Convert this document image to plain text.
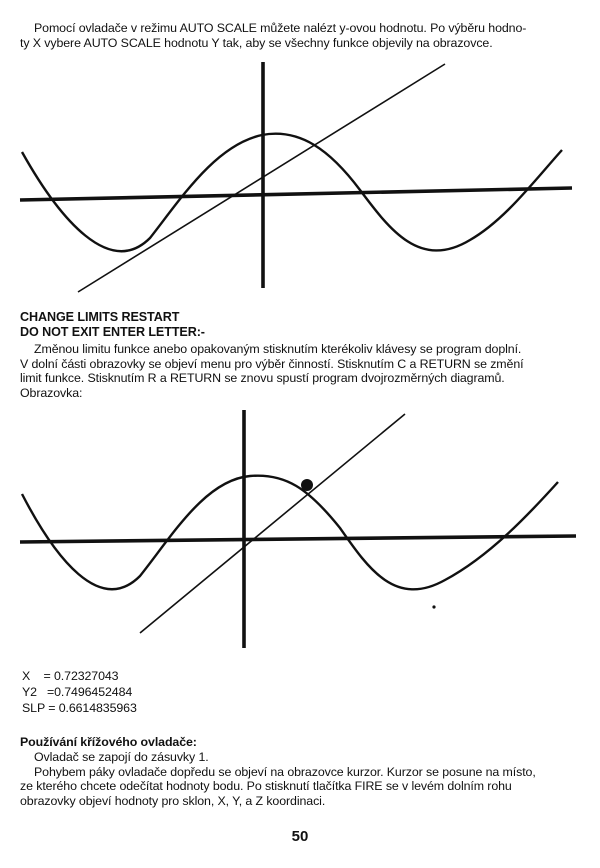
Pomocí ovladače v režimu AUTO SCALE můžete nalézt y-ovou hodnotu. Po výběru hodno-
ty X vybere AUTO SCALE hodnotu Y tak, aby se všechny funkce objevily na obrazovce.
CHANGE LIMITS RESTART
DO NOT EXIT ENTER LETTER:-
Změnou limitu funkce anebo opakovaným stisknutím kterékoliv klávesy se program doplní.
V dolní části obrazovky se objeví menu pro výběr činností. Stisknutím C a RETURN se změní
limit funkce. Stisknutím R a RETURN se znovu spustí program dvojrozměrných diagramů.
Obrazovka:
X    = 0.72327043
Y2   =0.7496452484
SLP = 0.6614835963
Používání křížového ovladače:
Ovladač se zapojí do zásuvky 1.
Pohybem páky ovladače dopředu se objeví na obrazovce kurzor. Kurzor se posune na místo,
ze kterého chcete odečítat hodnoty bodu. Po stisknutí tlačítka FIRE se v levém dolním rohu
obrazovky objeví hodnoty pro sklon, X, Y, a Z koordinaci.
50
